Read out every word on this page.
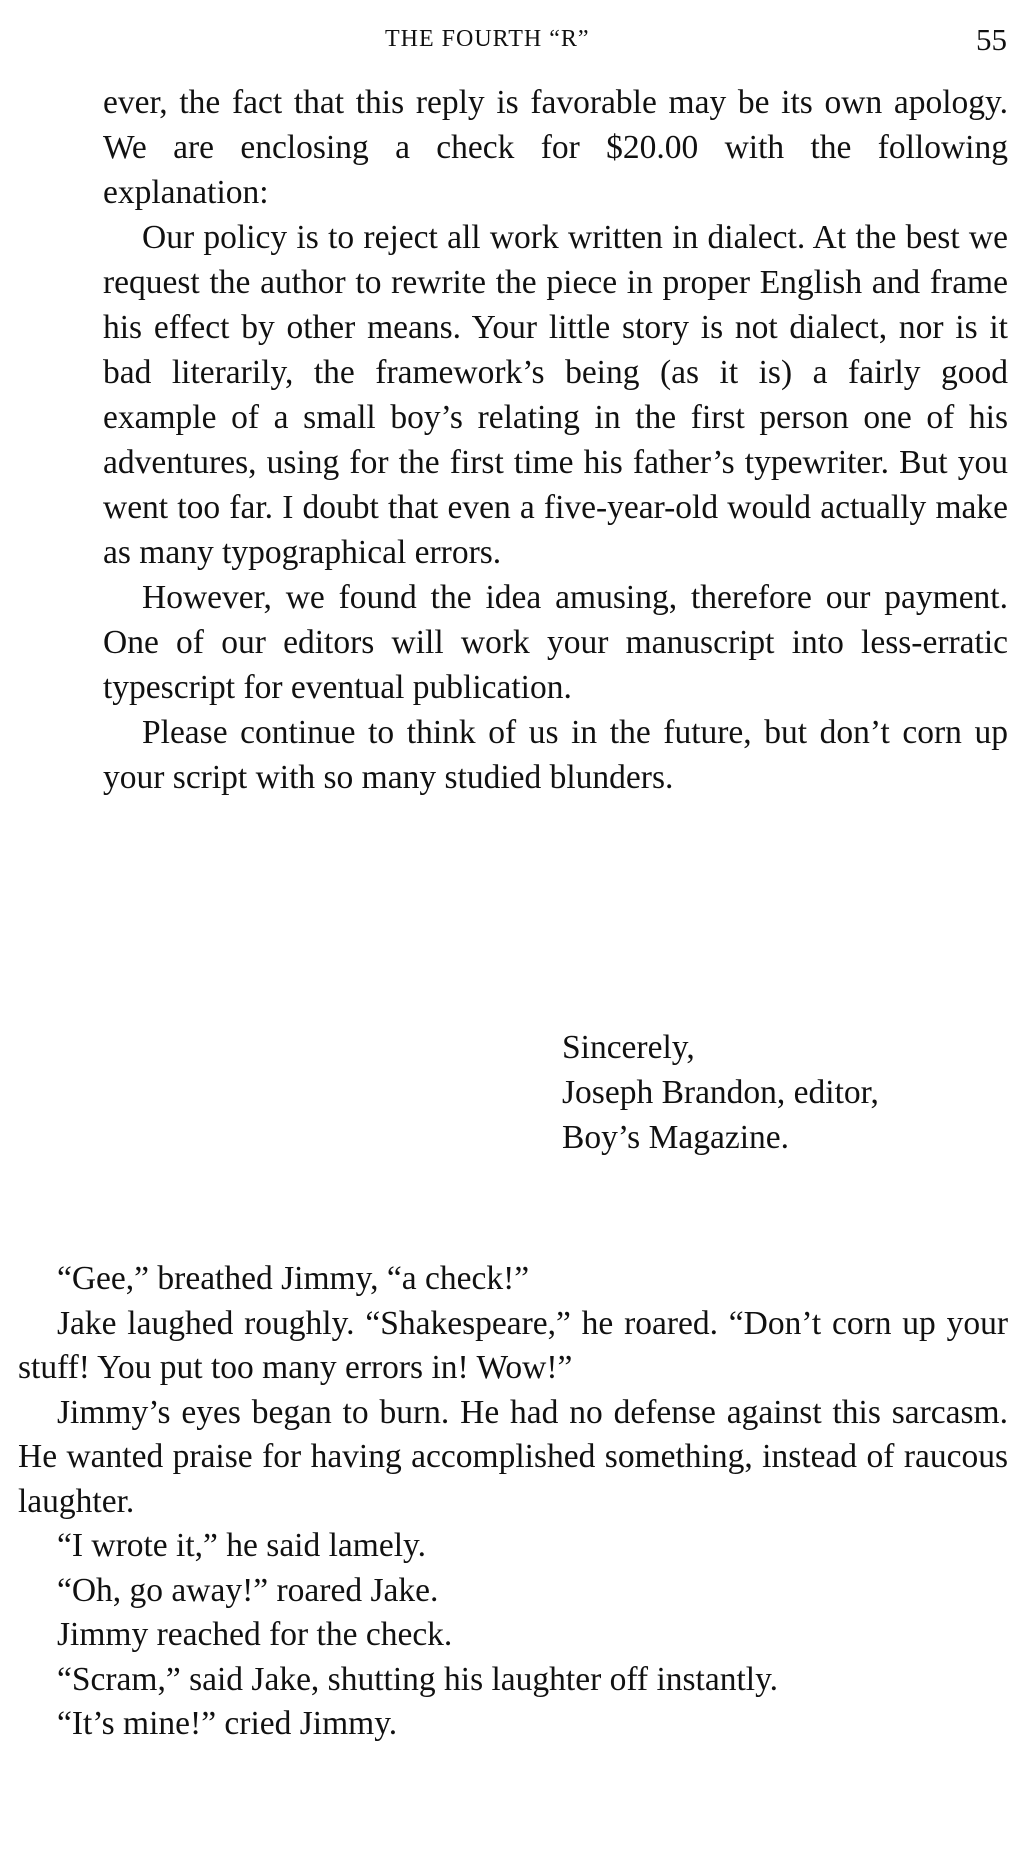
THE FOURTH “R”	55

ever, the fact that this reply is favorable may be its own apology. We are enclosing a check for $20.00 with the following explanation:

Our policy is to reject all work written in dialect. At the best we request the author to rewrite the piece in proper English and frame his effect by other means. Your little story is not dialect, nor is it bad literarily, the framework’s being (as it is) a fairly good example of a small boy’s relating in the first person one of his adventures, using for the first time his father’s typewriter. But you went too far. I doubt that even a five-year-old would actually make as many typographical errors.

However, we found the idea amusing, therefore our payment. One of our editors will work your manuscript into less-erratic typescript for eventual publication.

Please continue to think of us in the future, but don’t corn up your script with so many studied blunders.

Sincerely,
Joseph Brandon, editor,
Boy’s Magazine.

“Gee,” breathed Jimmy, “a check!”

Jake laughed roughly. “Shakespeare,” he roared. “Don’t corn up your stuff! You put too many errors in! Wow!”

Jimmy’s eyes began to burn. He had no defense against this sarcasm. He wanted praise for having accomplished something, instead of raucous laughter.

“I wrote it,” he said lamely.

“Oh, go away!” roared Jake.

Jimmy reached for the check.

“Scram,” said Jake, shutting his laughter off instantly.

“It’s mine!” cried Jimmy.
